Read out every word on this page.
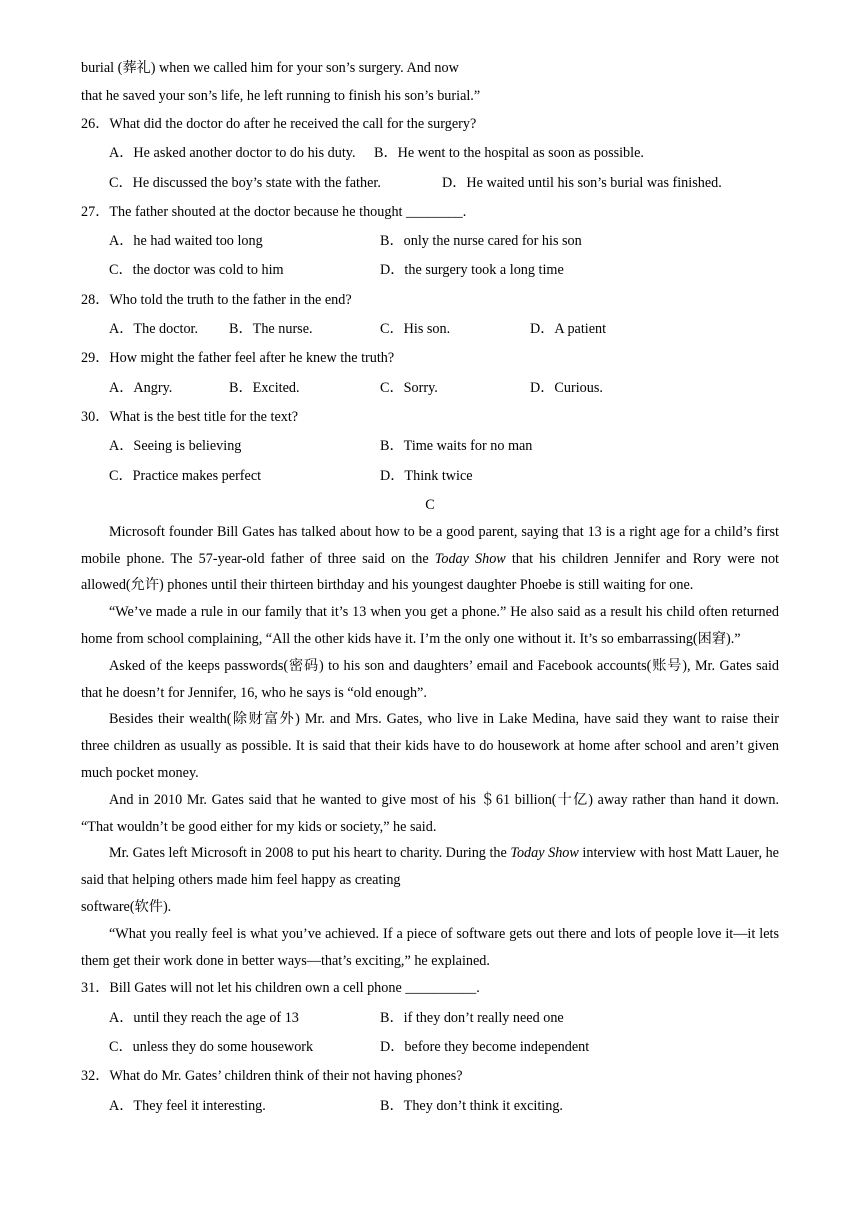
burial (葬礼) when we called him for your son’s surgery. And now
that he saved your son’s life, he left running to finish his son’s burial.”
26．What did the doctor do after he received the call for the surgery?
A．He asked another doctor to do his duty. B．He went to the hospital as soon as possible.
C．He discussed the boy’s state with the father.	D．He waited until his son’s burial was finished.
27．The father shouted at the doctor because he thought ________.
A．he had waited too long	B．only the nurse cared for his son
C．the doctor was cold to him	D．the surgery took a long time
28．Who told the truth to the father in the end?
A．The doctor. B．The nurse.	C．His son.	D．A patient
29．How might the father feel after he knew the truth?
A．Angry.	B．Excited.	C．Sorry.	D．Curious.
30．What is the best title for the text?
A．Seeing is believing	B．Time waits for no man
C．Practice makes perfect	D．Think twice
C

Microsoft founder Bill Gates has talked about how to be a good parent, saying that 13 is a right age for a child’s first mobile phone. The 57-year-old father of three said on the Today Show that his children Jennifer and Rory were not allowed(允许) phones until their thirteen birthday and his youngest daughter Phoebe is still waiting for one.

“We’ve made a rule in our family that it’s 13 when you get a phone.” He also said as a result his child often returned home from school complaining, “All the other kids have it. I’m the only one without it. It’s so embarrassing(困窘).”

Asked of the keeps passwords(密码) to his son and daughters’ email and Facebook accounts(账号), Mr. Gates said that he doesn’t for Jennifer, 16, who he says is “old enough”.

Besides their wealth(除财富外) Mr. and Mrs. Gates, who live in Lake Medina, have said they want to raise their three children as usually as possible. It is said that their kids have to do housework at home after school and aren’t given much pocket money.

And in 2010 Mr. Gates said that he wanted to give most of his ＄61 billion(十亿) away rather than hand it down. “That wouldn’t be good either for my kids or society,” he said.

Mr. Gates left Microsoft in 2008 to put his heart to charity. During the Today Show interview with host Matt Lauer, he said that helping others made him feel happy as creating

software(软件).

“What you really feel is what you’ve achieved. If a piece of software gets out there and lots of people love it—it lets them get their work done in better ways—that’s exciting,” he explained.

31．Bill Gates will not let his children own a cell phone __________.
A．until they reach the age of 13	B．if they don’t really need one
C．unless they do some housework	D．before they become independent
32．What do Mr. Gates’ children think of their not having phones?
A．They feel it interesting.	B．They don’t think it exciting.
